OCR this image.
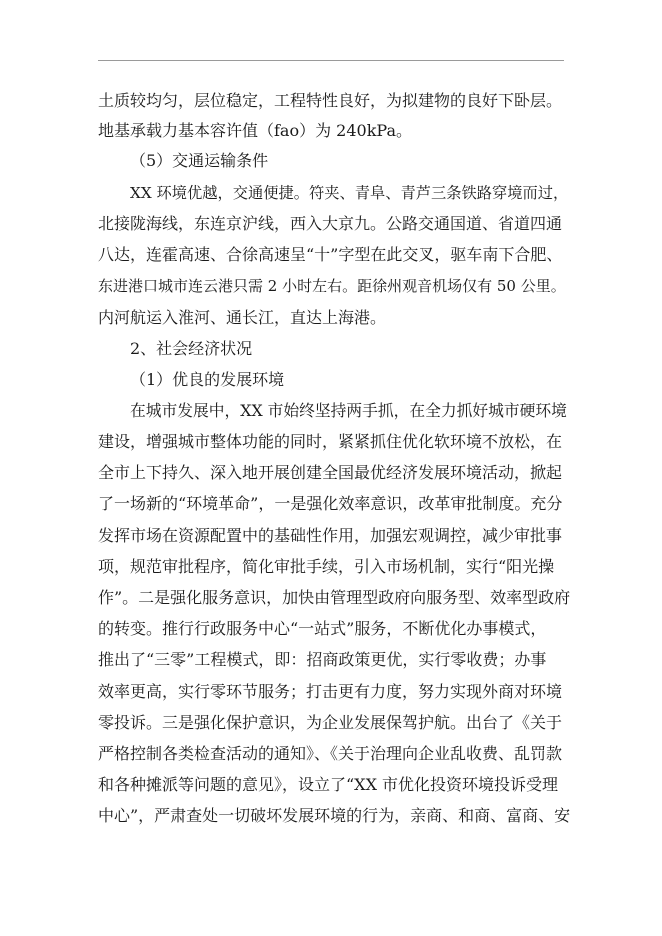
土质较均匀，层位稳定，工程特性良好，为拟建物的良好下卧层。
地基承载力基本容许值（fao）为 240kPa。
（5）交通运输条件
XX 环境优越，交通便捷。符夹、青阜、青芦三条铁路穿境而过，
北接陇海线，东连京沪线，西入大京九。公路交通国道、省道四通
八达，连霍高速、合徐高速呈“十”字型在此交叉，驱车南下合肥、
东进港口城市连云港只需 2 小时左右。距徐州观音机场仅有 50 公里。
内河航运入淮河、通长江，直达上海港。
2、社会经济状况
（1）优良的发展环境
在城市发展中，XX 市始终坚持两手抓，在全力抓好城市硬环境
建设，增强城市整体功能的同时，紧紧抓住优化软环境不放松，在
全市上下持久、深入地开展创建全国最优经济发展环境活动，掀起
了一场新的“环境革命”，一是强化效率意识，改革审批制度。充分
发挥市场在资源配置中的基础性作用，加强宏观调控，减少审批事
项，规范审批程序，简化审批手续，引入市场机制，实行“阳光操
作”。二是强化服务意识，加快由管理型政府向服务型、效率型政府
的转变。推行行政服务中心“一站式”服务，不断优化办事模式，
推出了“三零”工程模式，即：招商政策更优，实行零收费；办事
效率更高，实行零环节服务；打击更有力度，努力实现外商对环境
零投诉。三是强化保护意识，为企业发展保驾护航。出台了《关于
严格控制各类检查活动的通知》、《关于治理向企业乱收费、乱罚款
和各种摊派等问题的意见》，设立了“XX 市优化投资环境投诉受理
中心”，严肃查处一切破坏发展环境的行为，亲商、和商、富商、安
